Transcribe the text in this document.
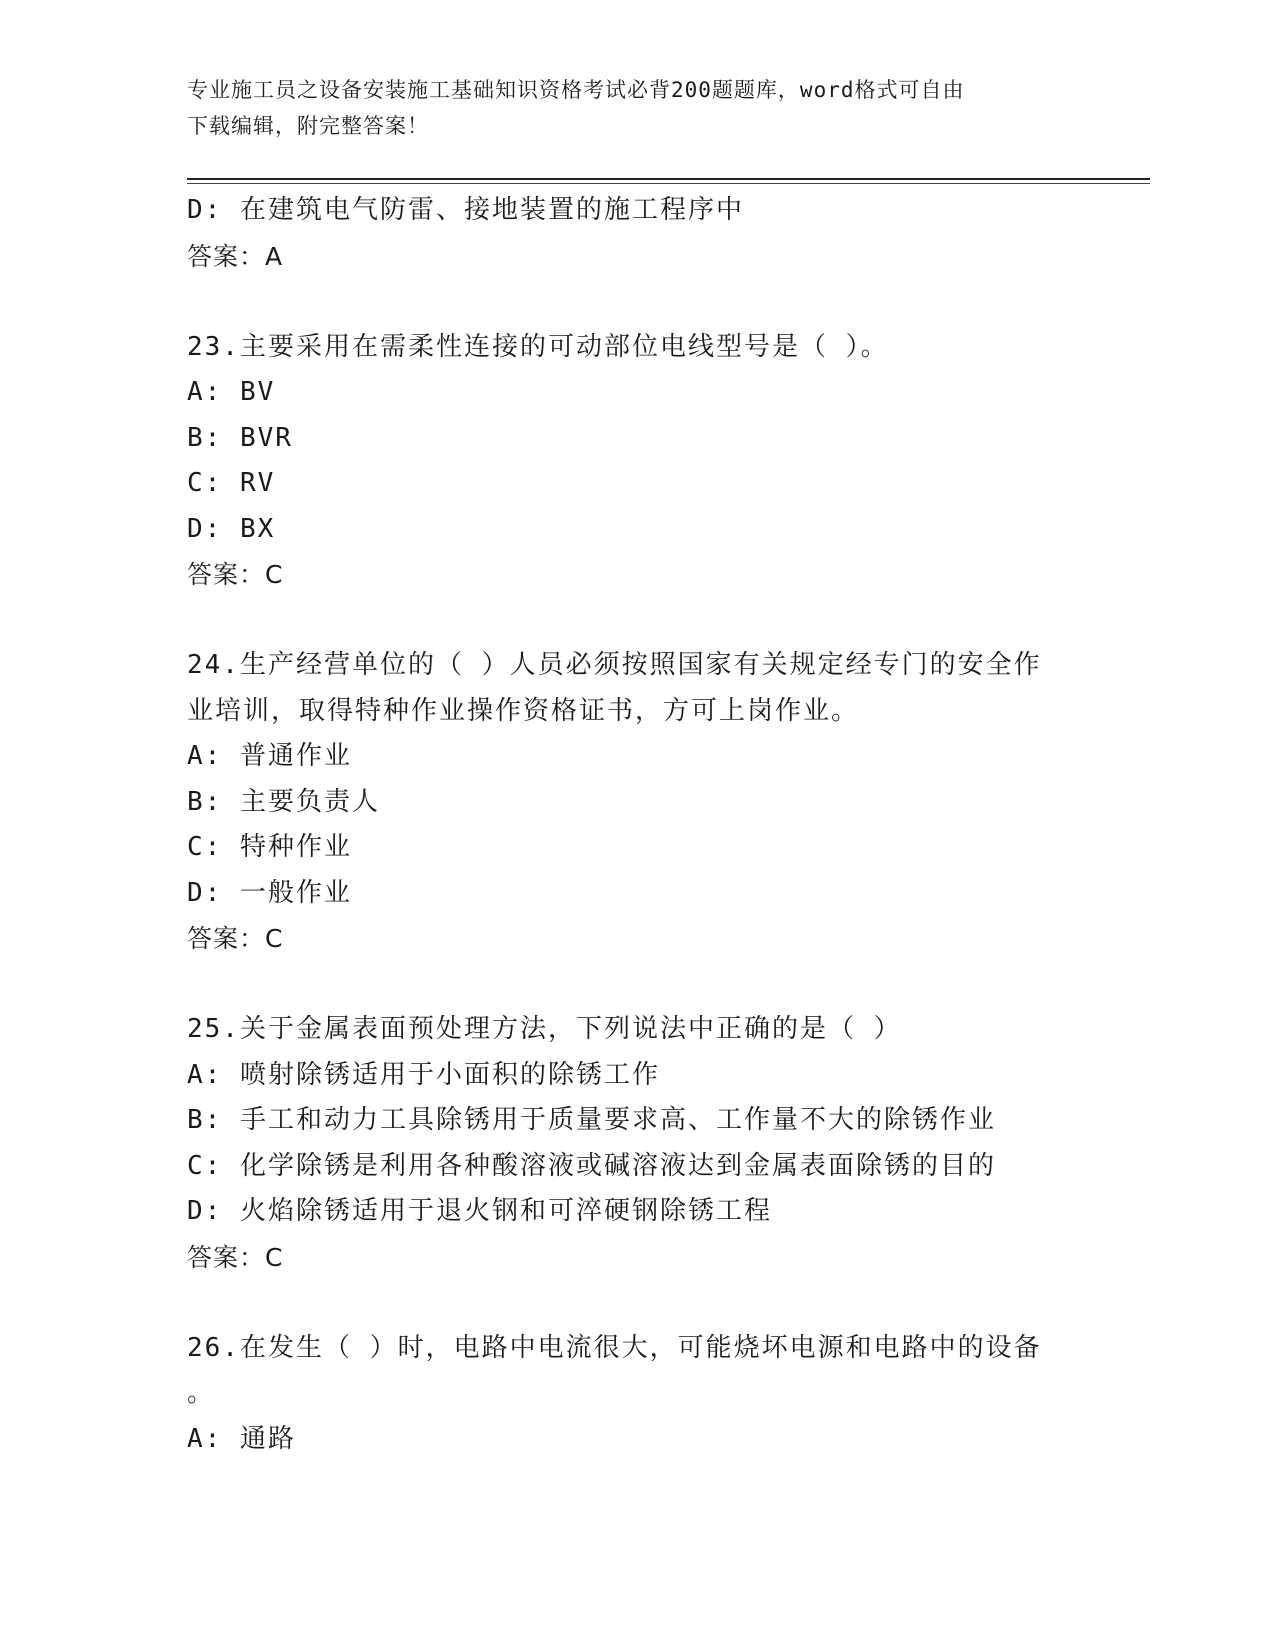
专业施工员之设备安装施工基础知识资格考试必背200题题库，word格式可自由
下载编辑，附完整答案！
D: 在建筑电气防雷、接地装置的施工程序中
答案：A
23.主要采用在需柔性连接的可动部位电线型号是（ ）。
A: BV
B: BVR
C: RV
D: BX
答案：C
24.生产经营单位的（ ）人员必须按照国家有关规定经专门的安全作
业培训，取得特种作业操作资格证书，方可上岗作业。
A: 普通作业
B: 主要负责人
C: 特种作业
D: 一般作业
答案：C
25.关于金属表面预处理方法，下列说法中正确的是（ ）
A: 喷射除锈适用于小面积的除锈工作
B: 手工和动力工具除锈用于质量要求高、工作量不大的除锈作业
C: 化学除锈是利用各种酸溶液或碱溶液达到金属表面除锈的目的
D: 火焰除锈适用于退火钢和可淬硬钢除锈工程
答案：C
26.在发生（ ）时，电路中电流很大，可能烧坏电源和电路中的设备
。
A: 通路
